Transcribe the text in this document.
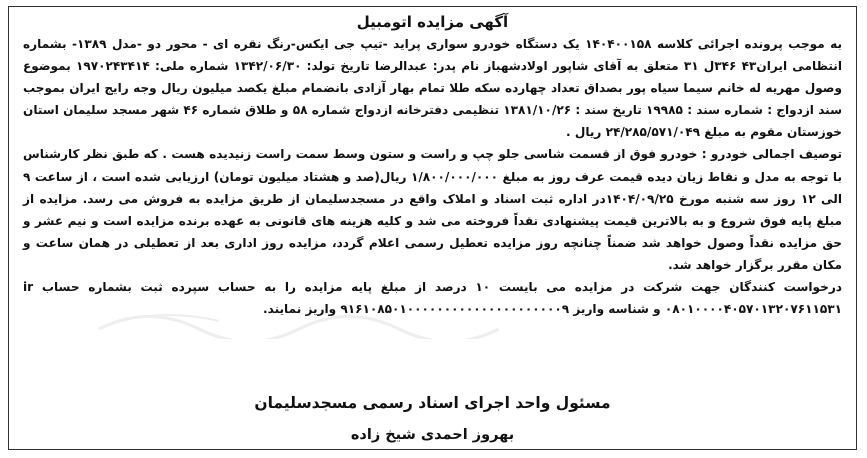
آگهی مزایده اتومبیل

به موجب پرونده اجرائی کلاسه ۱۴۰۴۰۰۱۵۸ یک دستگاه خودرو سواری پراید -تیپ جی ایکس-رنگ نقره ای - محور دو -مدل ۱۳۸۹- بشماره انتظامی ایران۴۳ ۳۴۶ل ۳۱ متعلق به آقای شاپور اولادشهباز نام پدر: عبدالرضا تاریخ تولد: ۱۳۴۲/۰۶/۳۰ شماره ملی: ۱۹۷۰۲۴۳۴۱۴ بموضوع وصول مهریه له خانم سیما سیاه پور بصداق تعداد چهارده سکه طلا تمام بهار آزادی بانضمام مبلغ یکصد میلیون ریال وجه رایج ایران بموجب سند ازدواج : شماره سند : ۱۹۹۸۵ تاریخ سند : ۱۳۸۱/۱۰/۲۶ تنظیمی دفترخانه ازدواج شماره ۵۸ و طلاق شماره ۴۶ شهر مسجد سلیمان استان خوزستان مقوم به مبلغ ۲۴/۲۸۵/۵۷۱/۰۴۹ ریال .

توصیف اجمالی خودرو : خودرو فوق از قسمت شاسی جلو چپ و راست و ستون وسط سمت راست زنیدیده هست . که طبق نظر کارشناس با توجه به مدل و نقاط زیان دیده قیمت عرف روز به مبلغ ۱/۸۰۰/۰۰۰/۰۰۰ ریال(صد و هشتاد میلیون تومان) ارزیابی شده است ، از ساعت ۹ الی ۱۲ روز سه شنبه مورخ ۱۴۰۴/۰۹/۲۵در اداره ثبت اسناد و املاک واقع در مسجدسلیمان از طریق مزایده به فروش می رسد. مزایده از مبلغ پایه فوق شروع و به بالاترین قیمت پیشنهادی نقداً فروخته می شد و کلیه هزینه های قانونی به عهده برنده مزایده است و نیم عشر و حق مزایده نقداً وصول خواهد شد ضمناً چنانچه روز مزایده تعطیل رسمی اعلام گردد، مزایده روز اداری بعد از تعطیلی در همان ساعت و مکان مقرر برگزار خواهد شد.

درخواست کنندگان جهت شرکت در مزایده می بایست ۱۰ درصد از مبلغ پایه مزایده را به حساب سپرده ثبت بشماره حساب ir ۰۸۰۱۰۰۰۰۴۰۵۷۰۱۳۲۰۷۶۱۱۵۳۱ و شناسه واریز ۹۱۶۱۰۸۵۰۱۰۰۰۰۰۰۰۰۰۰۰۰۰۰۰۰۰۰۰۰۰۹ واریز نمایند.

مسئول واحد اجرای اسناد رسمی مسجدسلیمان
بهروز احمدی شیخ زاده
